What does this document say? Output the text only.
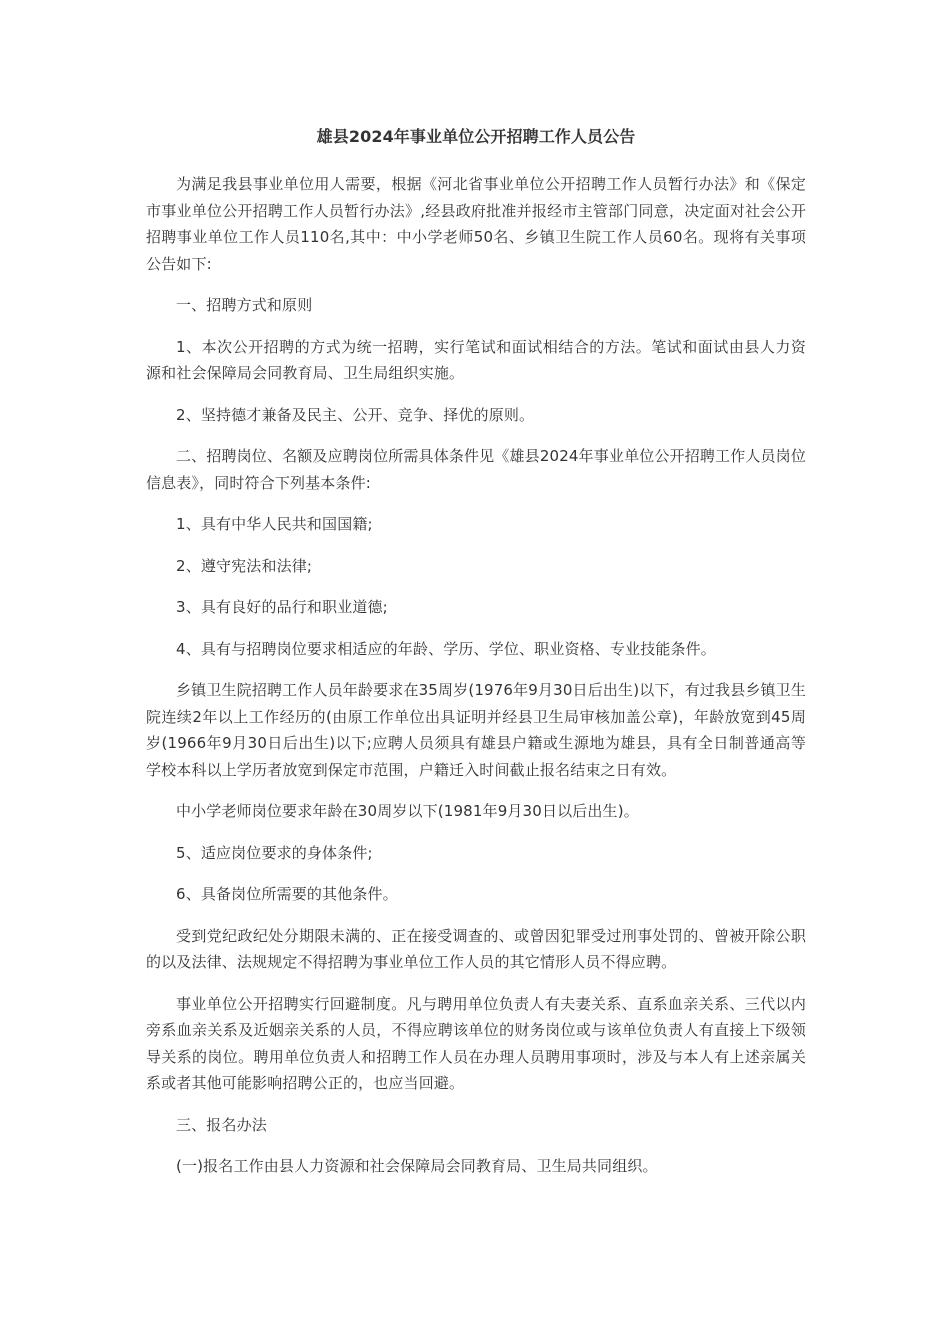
雄县2024年事业单位公开招聘工作人员公告

为满足我县事业单位用人需要，根据《河北省事业单位公开招聘工作人员暂行办法》和《保定市事业单位公开招聘工作人员暂行办法》,经县政府批准并报经市主管部门同意，决定面对社会公开招聘事业单位工作人员110名,其中：中小学老师50名、乡镇卫生院工作人员60名。现将有关事项公告如下:

一、招聘方式和原则

1、本次公开招聘的方式为统一招聘，实行笔试和面试相结合的方法。笔试和面试由县人力资源和社会保障局会同教育局、卫生局组织实施。

2、坚持德才兼备及民主、公开、竞争、择优的原则。

二、招聘岗位、名额及应聘岗位所需具体条件见《雄县2024年事业单位公开招聘工作人员岗位信息表》，同时符合下列基本条件:

1、具有中华人民共和国国籍;

2、遵守宪法和法律;

3、具有良好的品行和职业道德;

4、具有与招聘岗位要求相适应的年龄、学历、学位、职业资格、专业技能条件。

乡镇卫生院招聘工作人员年龄要求在35周岁(1976年9月30日后出生)以下，有过我县乡镇卫生院连续2年以上工作经历的(由原工作单位出具证明并经县卫生局审核加盖公章)，年龄放宽到45周岁(1966年9月30日后出生)以下;应聘人员须具有雄县户籍或生源地为雄县，具有全日制普通高等学校本科以上学历者放宽到保定市范围，户籍迁入时间截止报名结束之日有效。

中小学老师岗位要求年龄在30周岁以下(1981年9月30日以后出生)。

5、适应岗位要求的身体条件;

6、具备岗位所需要的其他条件。

受到党纪政纪处分期限未满的、正在接受调查的、或曾因犯罪受过刑事处罚的、曾被开除公职的以及法律、法规规定不得招聘为事业单位工作人员的其它情形人员不得应聘。

事业单位公开招聘实行回避制度。凡与聘用单位负责人有夫妻关系、直系血亲关系、三代以内旁系血亲关系及近姻亲关系的人员，不得应聘该单位的财务岗位或与该单位负责人有直接上下级领导关系的岗位。聘用单位负责人和招聘工作人员在办理人员聘用事项时，涉及与本人有上述亲属关系或者其他可能影响招聘公正的，也应当回避。

三、报名办法

(一)报名工作由县人力资源和社会保障局会同教育局、卫生局共同组织。
